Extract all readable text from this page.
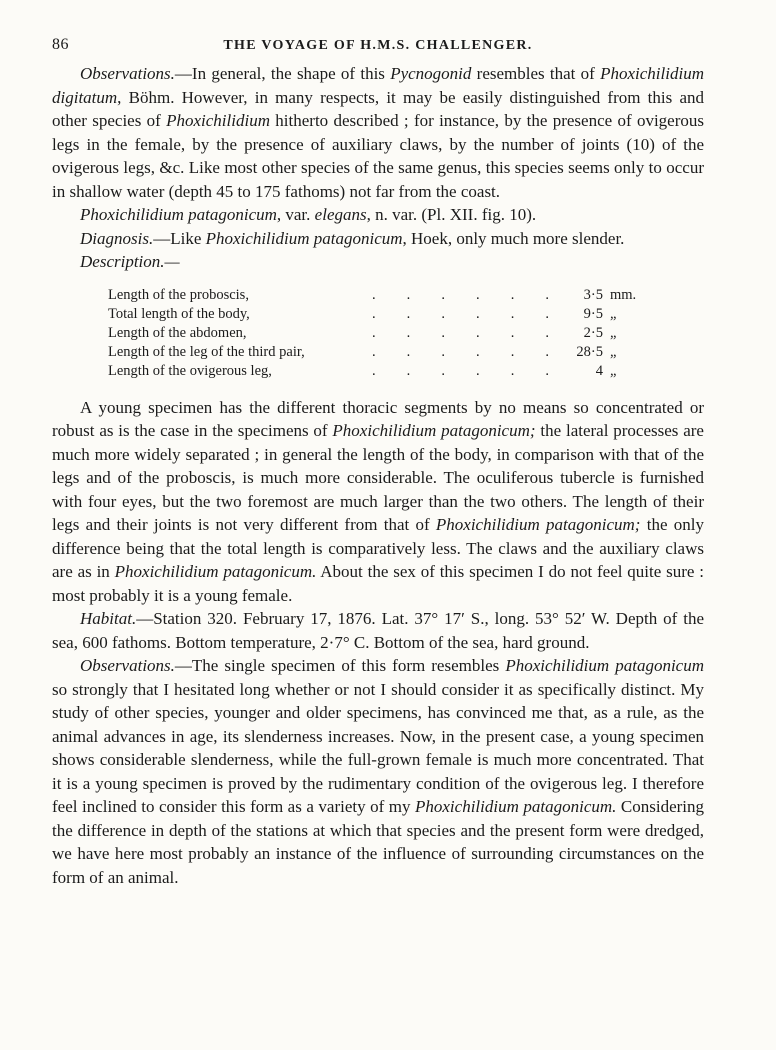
86	THE VOYAGE OF H.M.S. CHALLENGER.

Observations.—In general, the shape of this Pycnogonid resembles that of Phoxichilidium digitatum, Böhm. However, in many respects, it may be easily distinguished from this and other species of Phoxichilidium hitherto described ; for instance, by the presence of ovigerous legs in the female, by the presence of auxiliary claws, by the number of joints (10) of the ovigerous legs, &c. Like most other species of the same genus, this species seems only to occur in shallow water (depth 45 to 175 fathoms) not far from the coast.

Phoxichilidium patagonicum, var. elegans, n. var. (Pl. XII. fig. 10).

Diagnosis.—Like Phoxichilidium patagonicum, Hoek, only much more slender.

Description.—

Length of the proboscis,	. . . . . .	3·5 mm.
Total length of the body,	. . . . . .	9·5 „
Length of the abdomen,	. . . . . .	2·5 „
Length of the leg of the third pair,	. . . . . .	28·5 „
Length of the ovigerous leg,	. . . . . .	4 „

A young specimen has the different thoracic segments by no means so concentrated or robust as is the case in the specimens of Phoxichilidium patagonicum; the lateral processes are much more widely separated ; in general the length of the body, in comparison with that of the legs and of the proboscis, is much more considerable. The oculiferous tubercle is furnished with four eyes, but the two foremost are much larger than the two others. The length of their legs and their joints is not very different from that of Phoxichilidium patagonicum; the only difference being that the total length is comparatively less. The claws and the auxiliary claws are as in Phoxichilidium patagonicum. About the sex of this specimen I do not feel quite sure : most probably it is a young female.

Habitat.—Station 320. February 17, 1876. Lat. 37° 17′ S., long. 53° 52′ W. Depth of the sea, 600 fathoms. Bottom temperature, 2·7° C. Bottom of the sea, hard ground.

Observations.—The single specimen of this form resembles Phoxichilidium patagonicum so strongly that I hesitated long whether or not I should consider it as specifically distinct. My study of other species, younger and older specimens, has convinced me that, as a rule, as the animal advances in age, its slenderness increases. Now, in the present case, a young specimen shows considerable slenderness, while the full-grown female is much more concentrated. That it is a young specimen is proved by the rudimentary condition of the ovigerous leg. I therefore feel inclined to consider this form as a variety of my Phoxichilidium patagonicum. Considering the difference in depth of the stations at which that species and the present form were dredged, we have here most probably an instance of the influence of surrounding circumstances on the form of an animal.
